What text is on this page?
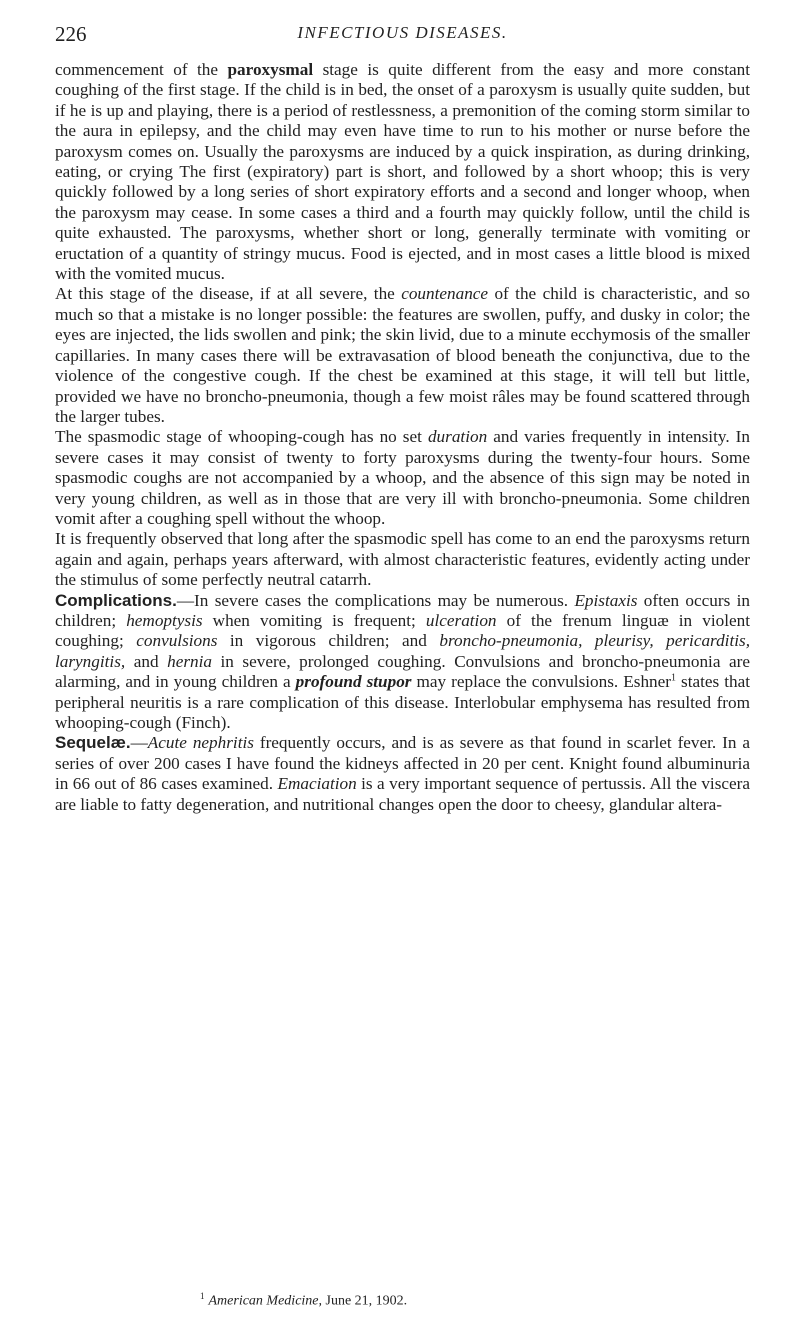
226	INFECTIOUS DISEASES.

commencement of the paroxysmal stage is quite different from the easy and more constant coughing of the first stage. If the child is in bed, the onset of a paroxysm is usually quite sudden, but if he is up and playing, there is a period of restlessness, a premonition of the coming storm similar to the aura in epilepsy, and the child may even have time to run to his mother or nurse before the paroxysm comes on. Usually the paroxysms are induced by a quick inspiration, as during drinking, eating, or crying The first (expiratory) part is short, and followed by a short whoop; this is very quickly followed by a long series of short expiratory efforts and a second and longer whoop, when the paroxysm may cease. In some cases a third and a fourth may quickly follow, until the child is quite exhausted. The paroxysms, whether short or long, generally terminate with vomiting or eructation of a quantity of stringy mucus. Food is ejected, and in most cases a little blood is mixed with the vomited mucus.

At this stage of the disease, if at all severe, the countenance of the child is characteristic, and so much so that a mistake is no longer possible: the features are swollen, puffy, and dusky in color; the eyes are injected, the lids swollen and pink; the skin livid, due to a minute ecchymosis of the smaller capillaries. In many cases there will be extravasation of blood beneath the conjunctiva, due to the violence of the congestive cough. If the chest be examined at this stage, it will tell but little, provided we have no broncho-pneumonia, though a few moist râles may be found scattered through the larger tubes.

The spasmodic stage of whooping-cough has no set duration and varies frequently in intensity. In severe cases it may consist of twenty to forty paroxysms during the twenty-four hours. Some spasmodic coughs are not accompanied by a whoop, and the absence of this sign may be noted in very young children, as well as in those that are very ill with broncho-pneumonia. Some children vomit after a coughing spell without the whoop.

It is frequently observed that long after the spasmodic spell has come to an end the paroxysms return again and again, perhaps years afterward, with almost characteristic features, evidently acting under the stimulus of some perfectly neutral catarrh.

Complications.—In severe cases the complications may be numerous. Epistaxis often occurs in children; hemoptysis when vomiting is frequent; ulceration of the frenum linguæ in violent coughing; convulsions in vigorous children; and broncho-pneumonia, pleurisy, pericarditis, laryngitis, and hernia in severe, prolonged coughing. Convulsions and broncho-pneumonia are alarming, and in young children a profound stupor may replace the convulsions. Eshner$^1$ states that peripheral neuritis is a rare complication of this disease. Interlobular emphysema has resulted from whooping-cough (Finch).

Sequelæ.—Acute nephritis frequently occurs, and is as severe as that found in scarlet fever. In a series of over 200 cases I have found the kidneys affected in 20 per cent. Knight found albuminuria in 66 out of 86 cases examined. Emaciation is a very important sequence of pertussis. All the viscera are liable to fatty degeneration, and nutritional changes open the door to cheesy, glandular altera-

$^1$ American Medicine, June 21, 1902.
